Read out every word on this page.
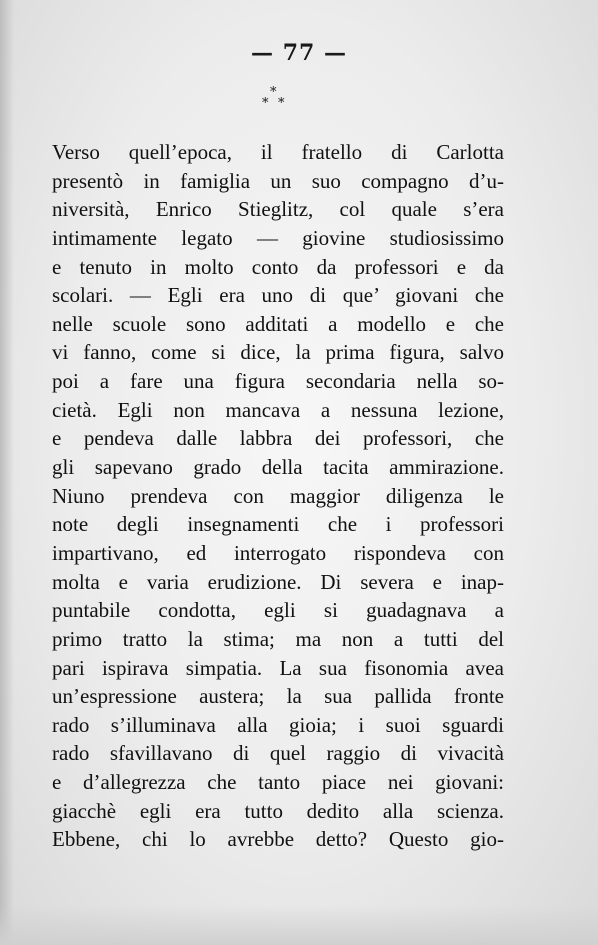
— 77 —
*
* *
Verso quell’epoca, il fratello di Carlotta
presentò in famiglia un suo compagno d’u-
niversità, Enrico Stieglitz, col quale s’era
intimamente legato — giovine studiosissimo
e tenuto in molto conto da professori e da
scolari. — Egli era uno di que’ giovani che
nelle scuole sono additati a modello e che
vi fanno, come si dice, la prima figura, salvo
poi a fare una figura secondaria nella so-
cietà. Egli non mancava a nessuna lezione,
e pendeva dalle labbra dei professori, che
gli sapevano grado della tacita ammirazione.
Niuno prendeva con maggior diligenza le
note degli insegnamenti che i professori
impartivano, ed interrogato rispondeva con
molta e varia erudizione. Di severa e inap-
puntabile condotta, egli si guadagnava a
primo tratto la stima; ma non a tutti del
pari ispirava simpatia. La sua fisonomia avea
un’espressione austera; la sua pallida fronte
rado s’illuminava alla gioia; i suoi sguardi
rado sfavillavano di quel raggio di vivacità
e d’allegrezza che tanto piace nei giovani:
giacchè egli era tutto dedito alla scienza.
Ebbene, chi lo avrebbe detto? Questo gio-
